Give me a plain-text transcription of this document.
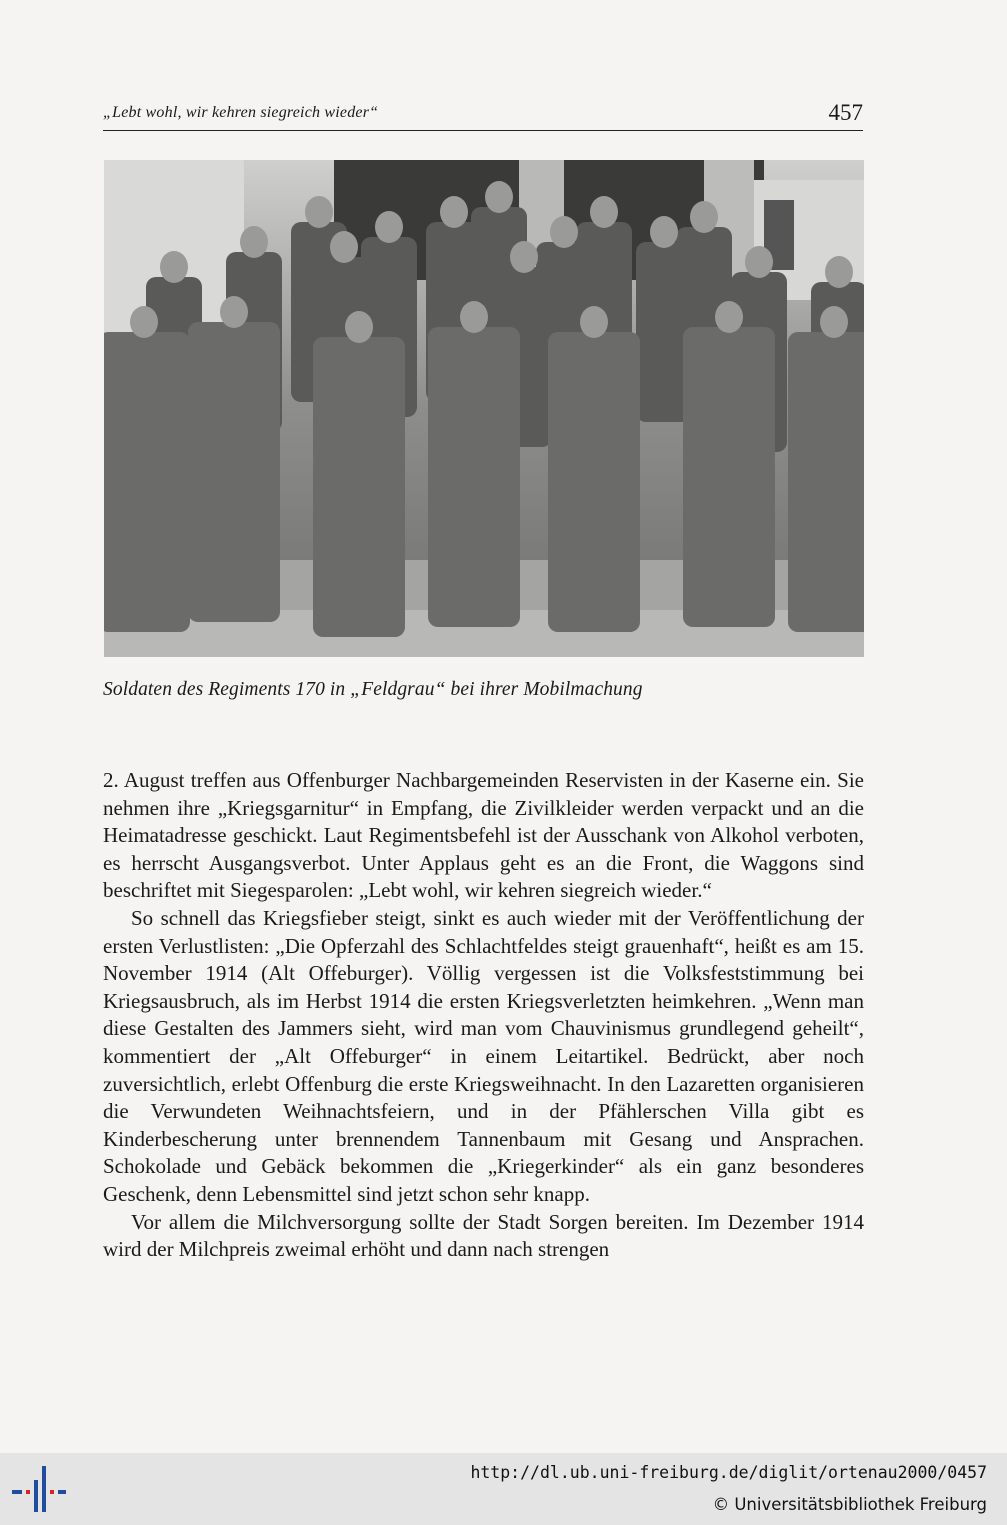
„Lebt wohl, wir kehren siegreich wieder“	457
Soldaten des Regiments 170 in „Feldgrau“ bei ihrer Mobilmachung

2. August treffen aus Offenburger Nachbargemeinden Reservisten in der Kaserne ein. Sie nehmen ihre „Kriegsgarnitur“ in Empfang, die Zivilkleider werden verpackt und an die Heimatadresse geschickt. Laut Regimentsbefehl ist der Ausschank von Alkohol verboten, es herrscht Ausgangsverbot. Unter Applaus geht es an die Front, die Waggons sind beschriftet mit Siegesparolen: „Lebt wohl, wir kehren siegreich wieder.“

So schnell das Kriegsfieber steigt, sinkt es auch wieder mit der Veröffentlichung der ersten Verlustlisten: „Die Opferzahl des Schlachtfeldes steigt grauenhaft“, heißt es am 15. November 1914 (Alt Offeburger). Völlig vergessen ist die Volksfeststimmung bei Kriegsausbruch, als im Herbst 1914 die ersten Kriegsverletzten heimkehren. „Wenn man diese Gestalten des Jammers sieht, wird man vom Chauvinismus grundlegend geheilt“, kommentiert der „Alt Offeburger“ in einem Leitartikel. Bedrückt, aber noch zuversichtlich, erlebt Offenburg die erste Kriegsweihnacht. In den Lazaretten organisieren die Verwundeten Weihnachtsfeiern, und in der Pfählerschen Villa gibt es Kinderbescherung unter brennendem Tannenbaum mit Gesang und Ansprachen. Schokolade und Gebäck bekommen die „Kriegerkinder“ als ein ganz besonderes Geschenk, denn Lebensmittel sind jetzt schon sehr knapp.

Vor allem die Milchversorgung sollte der Stadt Sorgen bereiten. Im Dezember 1914 wird der Milchpreis zweimal erhöht und dann nach strengen

http://dl.ub.uni-freiburg.de/diglit/ortenau2000/0457
© Universitätsbibliothek Freiburg
